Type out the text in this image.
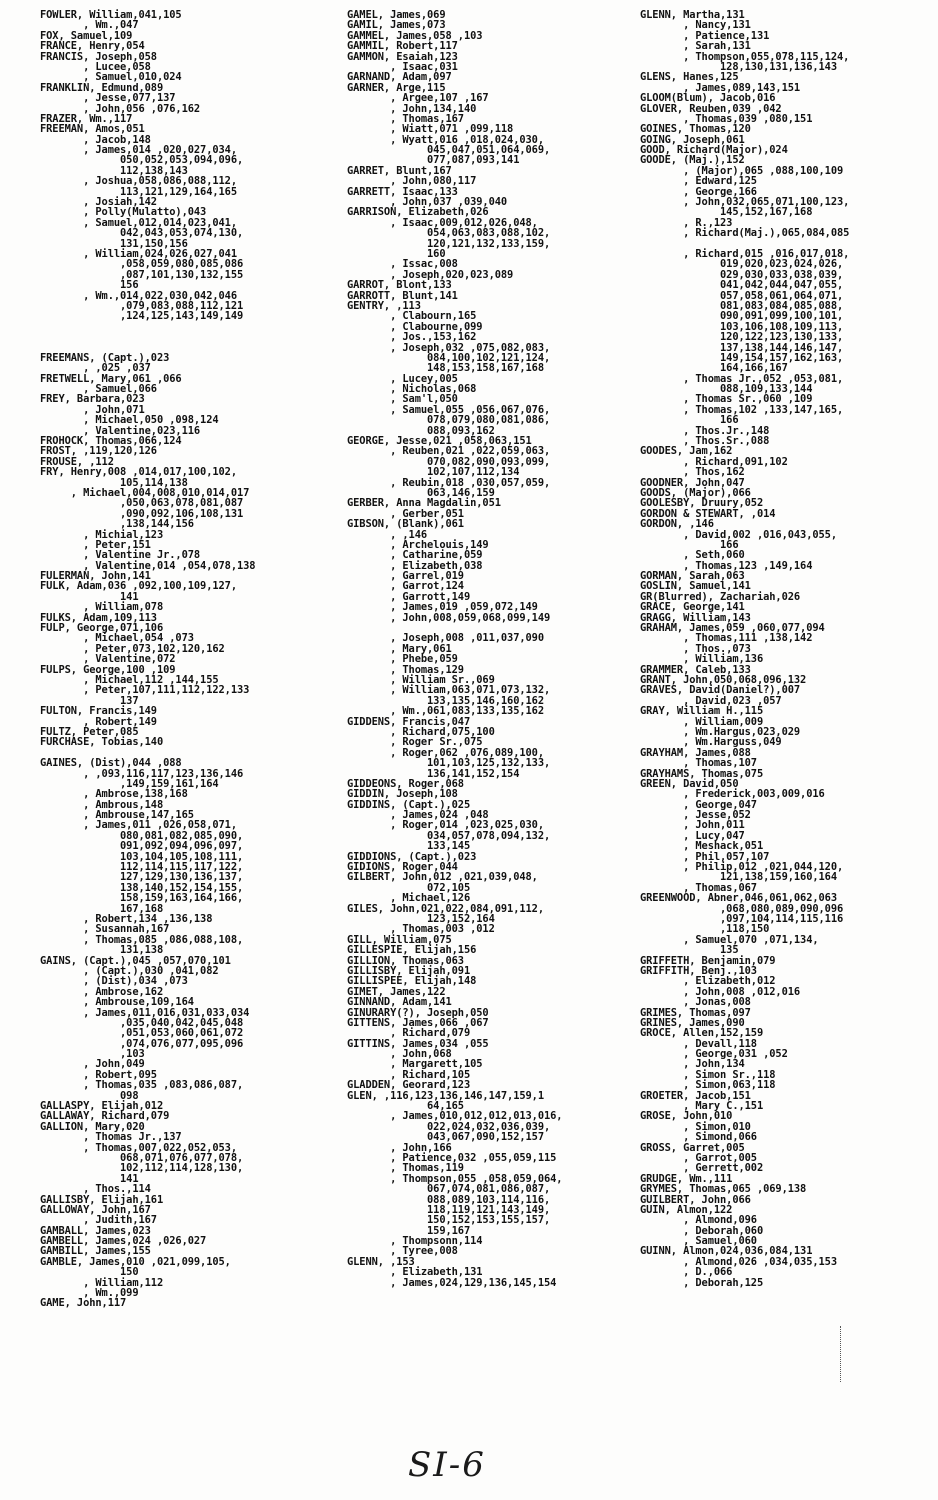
FOWLER, William,041,105
, Wm.,047
FOX, Samuel,109
FRANCE, Henry,054
FRANCIS, Joseph,058
, Lucee,058
, Samuel,010,024
FRANKLIN, Edmund,089
, Jesse,077,137
, John,056 ,076,162
FRAZER, Wm.,117
FREEMAN, Amos,051
, Jacob,148
, James,014 ,020,027,034,
050,052,053,094,096,
112,138,143
, Joshua,058,086,088,112,
113,121,129,164,165
, Josiah,142
, Polly(Mulatto),043
, Samuel,012,014,023,041,
042,043,053,074,130,
131,150,156
, William,024,026,027,041
,058,059,080,085,086
,087,101,130,132,155
156
, Wm.,014,022,030,042,046
,079,083,088,112,121
,124,125,143,149,149
FREEMANS, (Capt.),023
, ,025 ,037
FRETWELL, Mary,061 ,066
, Samuel,066
FREY, Barbara,023
, John,071
, Michael,050 ,098,124
, Valentine,023,116
FROHOCK, Thomas,066,124
FROST, ,119,120,126
FROUSE, ,112
FRY, Henry,008 ,014,017,100,102,
105,114,138
, Michael,004,008,010,014,017
,050,063,078,081,087
,090,092,106,108,131
,138,144,156
, Michial,123
, Peter,151
, Valentine Jr.,078
, Valentine,014 ,054,078,138
FULERMAN, John,141
FULK, Adam,036 ,092,100,109,127,
141
, William,078
FULKS, Adam,109,113
FULP, George,071,106
, Michael,054 ,073
, Peter,073,102,120,162
, Valentine,072
FULPS, George,100 ,109
, Michael,112 ,144,155
, Peter,107,111,112,122,133
137
FULTON, Francis,149
, Robert,149
FULTZ, Peter,085
FURCHASE, Tobias,140
GAINES, (Dist),044 ,088
, ,093,116,117,123,136,146
,149,159,161,164
, Ambrose,138,168
, Ambrous,148
, Ambrouse,147,165
, James,011 ,026,058,071,
080,081,082,085,090,
091,092,094,096,097,
103,104,105,108,111,
112,114,115,117,122,
127,129,130,136,137,
138,140,152,154,155,
158,159,163,164,166,
167,168
, Robert,134 ,136,138
, Susannah,167
, Thomas,085 ,086,088,108,
131,138
GAINS, (Capt.),045 ,057,070,101
, (Capt.),030 ,041,082
, (Dist),034 ,073
, Ambrose,162
, Ambrouse,109,164
, James,011,016,031,033,034
,035,040,042,045,048
,051,053,060,061,072
,074,076,077,095,096
,103
, John,049
, Robert,095
, Thomas,035 ,083,086,087,
098
GALLASPY, Elijah,012
GALLAWAY, Richard,079
GALLION, Mary,020
, Thomas Jr.,137
, Thomas,007,022,052,053,
068,071,076,077,078,
102,112,114,128,130,
141
, Thos.,114
GALLISBY, Elijah,161
GALLOWAY, John,167
, Judith,167
GAMBALL, James,023
GAMBELL, James,024 ,026,027
GAMBILL, James,155
GAMBLE, James,010 ,021,099,105,
150
, William,112
, Wm.,099
GAME, John,117
GAMEL, James,069
GAMIL, James,073
GAMMEL, James,058 ,103
GAMMIL, Robert,117
GAMMON, Esaiah,123
, Isaac,031
GARNAND, Adam,097
GARNER, Arge,115
, Argee,107 ,167
, John,134,140
, Thomas,167
, Wiatt,071 ,099,118
, Wyatt,016 ,018,024,030,
045,047,051,064,069,
077,087,093,141
GARRET, Blunt,167
, John,080,117
GARRETT, Isaac,133
, John,037 ,039,040
GARRISON, Elizabeth,026
, Isaac,009,012,026,048,
054,063,083,088,102,
120,121,132,133,159,
160
, Issac,008
, Joseph,020,023,089
GARROT, Blont,133
GARROTT, Blunt,141
GENTRY, ,113
, Clabourn,165
, Clabourne,099
, Jos.,153,162
, Joseph,032 ,075,082,083,
084,100,102,121,124,
148,153,158,167,168
, Lucey,005
, Nicholas,068
, Sam'l,050
, Samuel,055 ,056,067,076,
078,079,080,081,086,
088,093,162
GEORGE, Jesse,021 ,058,063,151
, Reuben,021 ,022,059,063,
070,082,090,093,099,
102,107,112,134
, Reubin,018 ,030,057,059,
063,146,159
GERBER, Anna Magdalin,051
, Gerber,051
GIBSON, (Blank),061
, ,146
, Archelouis,149
, Catharine,059
, Elizabeth,038
, Garrel,019
, Garrot,124
, Garrott,149
, James,019 ,059,072,149
, John,008,059,068,099,149
, Joseph,008 ,011,037,090
, Mary,061
, Phebe,059
, Thomas,129
, William Sr.,069
, William,063,071,073,132,
133,135,146,160,162
, Wm.,061,083,133,135,162
GIDDENS, Francis,047
, Richard,075,100
, Roger Sr.,075
, Roger,062 ,076,089,100,
101,103,125,132,133,
136,141,152,154
GIDDEONS, Roger,068
GIDDIN, Joseph,108
GIDDINS, (Capt.),025
, James,024 ,048
, Roger,014 ,023,025,030,
034,057,078,094,132,
133,145
GIDDIONS, (Capt.),023
GIDIONS, Roger,044
GILBERT, John,012 ,021,039,048,
072,105
, Michael,126
GILES, John,021,022,084,091,112,
123,152,164
, Thomas,003 ,012
GILL, William,075
GILLESPIE, Elijah,156
GILLION, Thomas,063
GILLISBY, Elijah,091
GILLISPEE, Elijah,148
GIMET, James,122
GINNAND, Adam,141
GINURARY(?), Joseph,050
GITTENS, James,066 ,067
, Richard,079
GITTINS, James,034 ,055
, John,068
, Margarett,105
, Richard,105
GLADDEN, Georard,123
GLEN, ,116,123,136,146,147,159,1
64,165
, James,010,012,012,013,016,
022,024,032,036,039,
043,067,090,152,157
, John,166
, Patience,032 ,055,059,115
, Thomas,119
, Thompson,055 ,058,059,064,
067,074,081,086,087,
088,089,103,114,116,
118,119,121,143,149,
150,152,153,155,157,
159,167
, Thompsonn,114
, Tyree,008
GLENN, ,153
, Elizabeth,131
, James,024,129,136,145,154
GLENN, Martha,131
, Nancy,131
, Patience,131
, Sarah,131
, Thompson,055,078,115,124,
128,130,131,136,143
GLENS, Hanes,125
, James,089,143,151
GLOOM(Blum), Jacob,016
GLOVER, Reuben,039 ,042
, Thomas,039 ,080,151
GOINES, Thomas,120
GOING, Joseph,061
GOOD, Richard(Major),024
GOODE, (Maj.),152
, (Major),065 ,088,100,109
, Edward,125
, George,166
, John,032,065,071,100,123,
145,152,167,168
, R.,123
, Richard(Maj.),065,084,085
, Richard,015 ,016,017,018,
019,020,023,024,026,
029,030,033,038,039,
041,042,044,047,055,
057,058,061,064,071,
081,083,084,085,088,
090,091,099,100,101,
103,106,108,109,113,
120,122,123,130,133,
137,138,144,146,147,
149,154,157,162,163,
164,166,167
, Thomas Jr.,052 ,053,081,
088,109,133,144
, Thomas Sr.,060 ,109
, Thomas,102 ,133,147,165,
166
, Thos.Jr.,148
, Thos.Sr.,088
GOODES, Jam,162
, Richard,091,102
, Thos,162
GOODNER, John,047
GOODS, (Major),066
GOOLESBY, Druury,052
GORDON & STEWART, ,014
GORDON, ,146
, David,002 ,016,043,055,
166
, Seth,060
, Thomas,123 ,149,164
GORMAN, Sarah,063
GOSLIN, Samuel,141
GR(Blurred), Zachariah,026
GRACE, George,141
GRAGG, William,143
GRAHAM, James,059 ,060,077,094
, Thomas,111 ,138,142
, Thos.,073
, William,136
GRAMMER, Caleb,133
GRANT, John,050,068,096,132
GRAVES, David(Daniel?),007
, David,023 ,057
GRAY, William H.,115
, William,009
, Wm.Hargus,023,029
, Wm.Harguss,049
GRAYHAM, James,088
, Thomas,107
GRAYHAMS, Thomas,075
GREEN, David,050
, Frederick,003,009,016
, George,047
, Jesse,052
, John,011
, Lucy,047
, Meshack,051
, Phil,057,107
, Philip,012 ,021,044,120,
121,138,159,160,164
, Thomas,067
GREENWOOD, Abner,046,061,062,063
,068,080,089,090,096
,097,104,114,115,116
,118,150
, Samuel,070 ,071,134,
135
GRIFFETH, Benjamin,079
GRIFFITH, Benj.,103
, Elizabeth,012
, John,008 ,012,016
, Jonas,008
GRIMES, Thomas,097
GRINES, James,090
GROCE, Allen,152,159
, Devall,118
, George,031 ,052
, John,134
, Simon Sr.,118
, Simon,063,118
GROETER, Jacob,151
, Mary C.,151
GROSE, John,010
, Simon,010
, Simond,066
GROSS, Garret,005
, Garrot,005
, Gerrett,002
GRUDGE, Wm.,111
GRYMES, Thomas,065 ,069,138
GUILBERT, John,066
GUIN, Almon,122
, Almond,096
, Deborah,060
, Samuel,060
GUINN, Almon,024,036,084,131
, Almond,026 ,034,035,153
, D.,066
, Deborah,125
SI-6
